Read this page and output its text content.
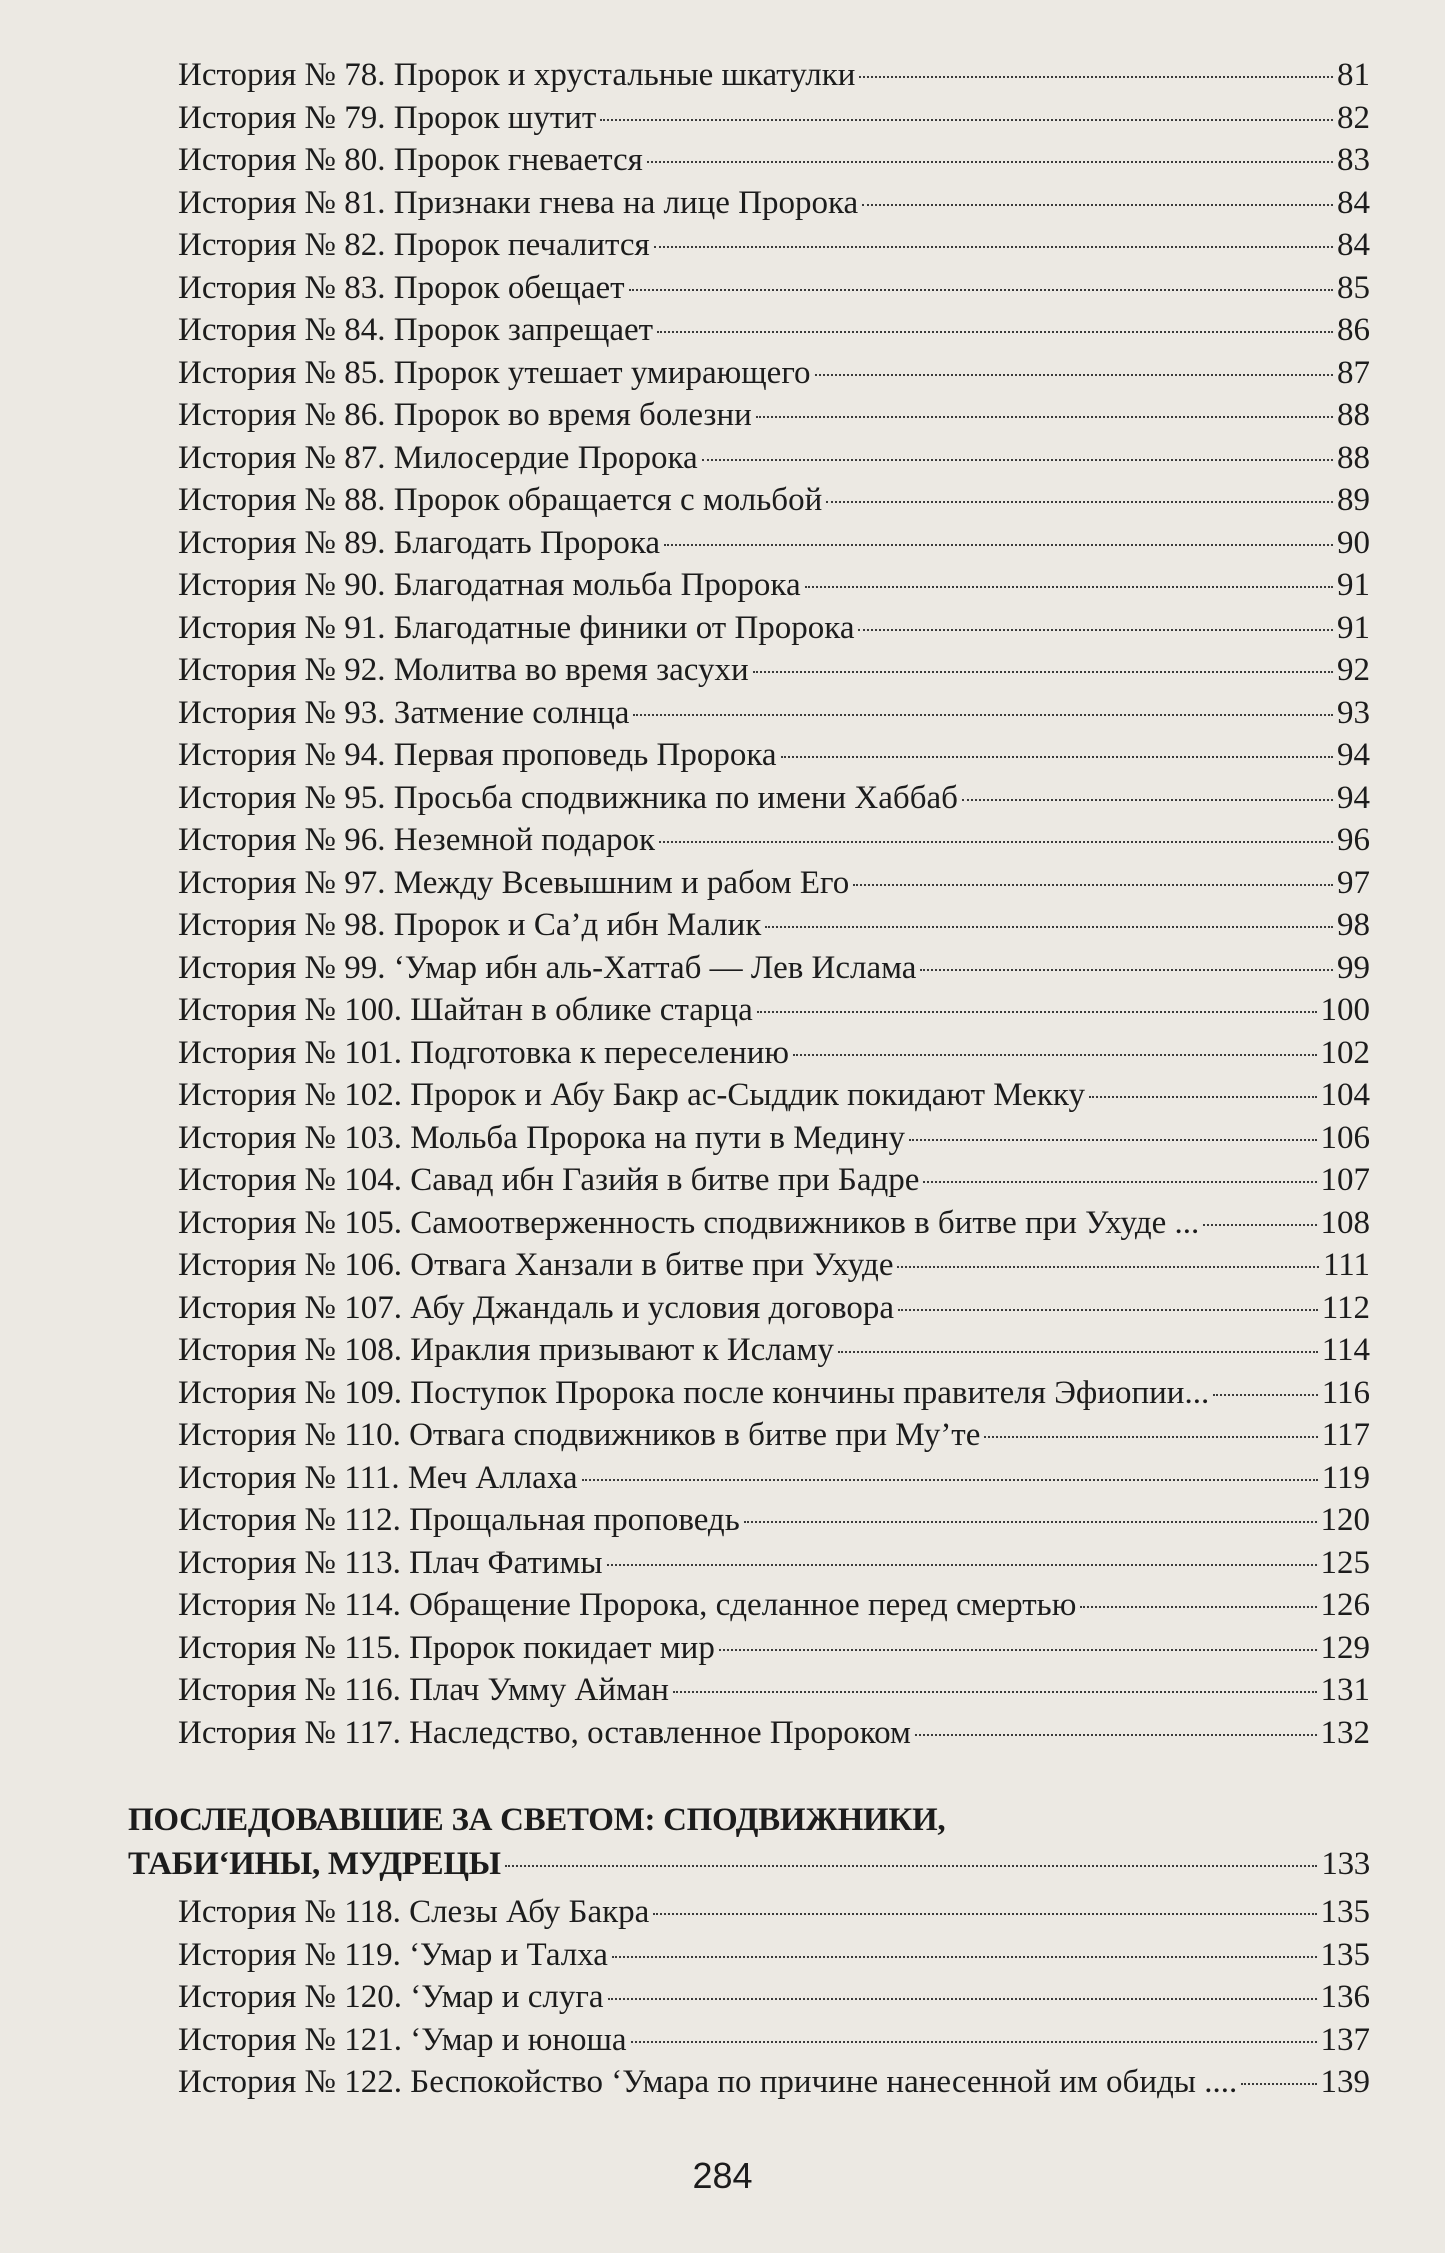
История № 78. Пророк и хрустальные шкатулки	81
История № 79. Пророк шутит	82
История № 80. Пророк гневается	83
История № 81. Признаки гнева на лице Пророка	84
История № 82. Пророк печалится	84
История № 83. Пророк обещает	85
История № 84. Пророк запрещает	86
История № 85. Пророк утешает умирающего	87
История № 86. Пророк во время болезни	88
История № 87. Милосердие Пророка	88
История № 88. Пророк обращается с мольбой	89
История № 89. Благодать Пророка	90
История № 90. Благодатная мольба Пророка	91
История № 91. Благодатные финики от Пророка	91
История № 92. Молитва во время засухи	92
История № 93. Затмение солнца	93
История № 94. Первая проповедь Пророка	94
История № 95. Просьба сподвижника по имени Хаббаб	94
История № 96. Неземной подарок	96
История № 97. Между Всевышним и рабом Его	97
История № 98. Пророк и Са’д ибн Малик	98
История № 99. ‘Умар ибн аль-Хаттаб — Лев Ислама	99
История № 100. Шайтан в облике старца	100
История № 101. Подготовка к переселению	102
История № 102. Пророк и Абу Бакр ас-Сыддик покидают Мекку	104
История № 103. Мольба Пророка на пути в Медину	106
История № 104. Савад ибн Газийя в битве при Бадре	107
История № 105. Самоотверженность сподвижников в битве при Ухуде ...	108
История № 106. Отвага Ханзали в битве при Ухуде	111
История № 107. Абу Джандаль и условия договора	112
История № 108. Ираклия призывают к Исламу	114
История № 109. Поступок Пророка после кончины правителя Эфиопии...	116
История № 110. Отвага сподвижников в битве при Му’те	117
История № 111. Меч Аллаха	119
История № 112. Прощальная проповедь	120
История № 113. Плач Фатимы	125
История № 114. Обращение Пророка, сделанное перед смертью	126
История № 115. Пророк покидает мир	129
История № 116. Плач Умму Айман	131
История № 117. Наследство, оставленное Пророком	132
ПОСЛЕДОВАВШИЕ ЗА СВЕТОМ: СПОДВИЖНИКИ,
ТАБИ‘ИНЫ, МУДРЕЦЫ	133
История № 118. Слезы Абу Бакра	135
История № 119. ‘Умар и Талха	135
История № 120. ‘Умар и слуга	136
История № 121. ‘Умар и юноша	137
История № 122. Беспокойство ‘Умара по причине нанесенной им обиды ....	139
284
